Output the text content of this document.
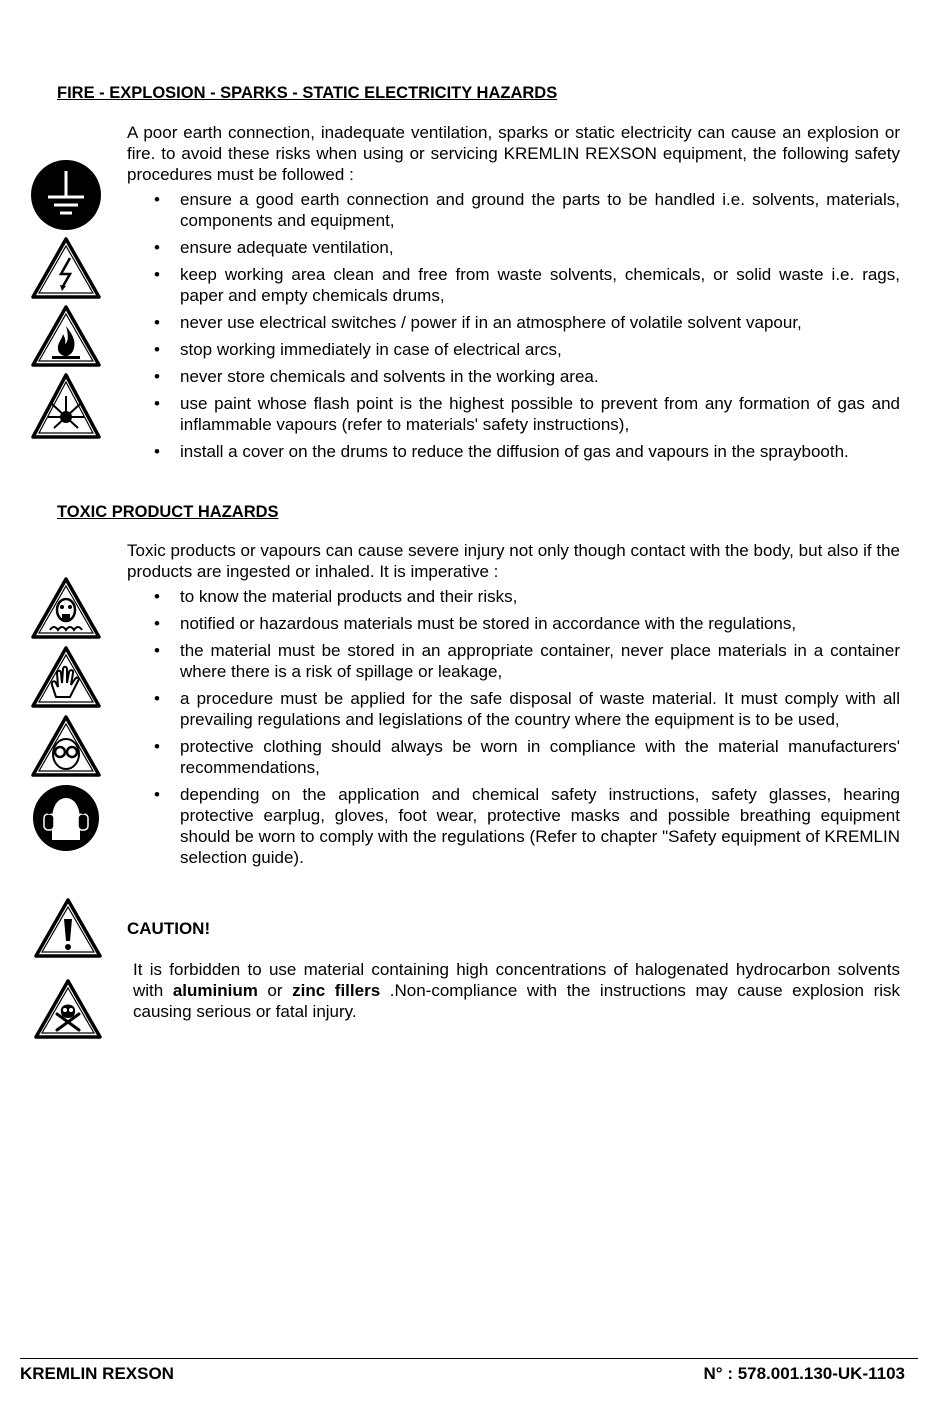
FIRE - EXPLOSION - SPARKS - STATIC ELECTRICITY HAZARDS

A poor earth connection, inadequate ventilation, sparks or static electricity can cause an explosion or fire. to avoid these risks when using or servicing KREMLIN REXSON equipment, the following safety procedures must be followed :

• ensure a good earth connection and ground the parts to be handled i.e. solvents, materials, components and equipment,
• ensure adequate ventilation,
• keep working area clean and free from waste solvents, chemicals, or solid waste i.e. rags, paper and empty chemicals drums,
• never use electrical switches / power if in an atmosphere of volatile solvent vapour,
• stop working immediately in case of electrical arcs,
• never store chemicals and solvents in the working area.
• use paint whose flash point is the highest possible to prevent from any formation of gas and inflammable vapours (refer to materials' safety instructions),
• install a cover on the drums to reduce the diffusion of gas and vapours in the spraybooth.
TOXIC PRODUCT HAZARDS

Toxic products or vapours can cause severe injury not only though contact with the body, but also if the products are ingested or inhaled. It is imperative :

• to know the material products and their risks,
• notified or hazardous materials must be stored in accordance with the regulations,
• the material must be stored in an appropriate container, never place materials in a container where there is a risk of spillage or leakage,
• a procedure must be applied for the safe disposal of waste material. It must comply with all prevailing regulations and legislations of the country where the equipment is to be used,
• protective clothing should always be worn in compliance with the material manufacturers' recommendations,
• depending on the application and chemical safety instructions, safety glasses, hearing protective earplug, gloves, foot wear, protective masks and possible breathing equipment should be worn to comply with the regulations (Refer to chapter "Safety equipment of KREMLIN selection guide).

CAUTION!

It is forbidden to use material containing high concentrations of halogenated hydrocarbon solvents with aluminium or zinc fillers .Non-compliance with the instructions may cause explosion risk causing serious or fatal injury.

KREMLIN REXSON	N° : 578.001.130-UK-1103
